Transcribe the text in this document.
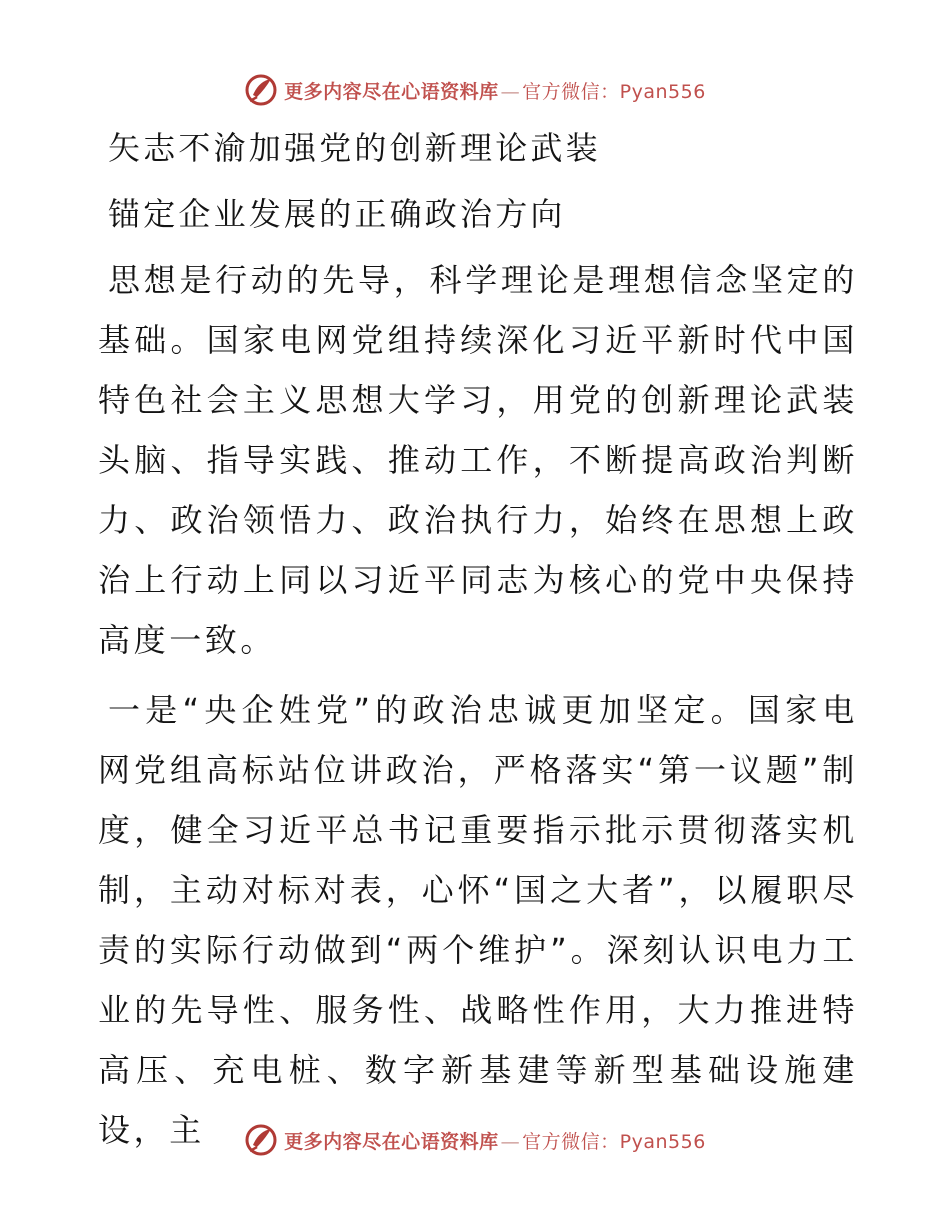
更多内容尽在心语资料库 — 官方微信：Pyan556
矢志不渝加强党的创新理论武装
锚定企业发展的正确政治方向

思想是行动的先导，科学理论是理想信念坚定的基础。国家电网党组持续深化习近平新时代中国特色社会主义思想大学习，用党的创新理论武装头脑、指导实践、推动工作，不断提高政治判断力、政治领悟力、政治执行力，始终在思想上政治上行动上同以习近平同志为核心的党中央保持高度一致。

一是“央企姓党”的政治忠诚更加坚定。国家电网党组高标站位讲政治，严格落实“第一议题”制度，健全习近平总书记重要指示批示贯彻落实机制，主动对标对表，心怀“国之大者”，以履职尽责的实际行动做到“两个维护”。深刻认识电力工业的先导性、服务性、战略性作用，大力推进特高压、充电桩、数字新基建等新型基础设施建设，主	更多内容尽在心语资料库 — 官方微信：Pyan556
